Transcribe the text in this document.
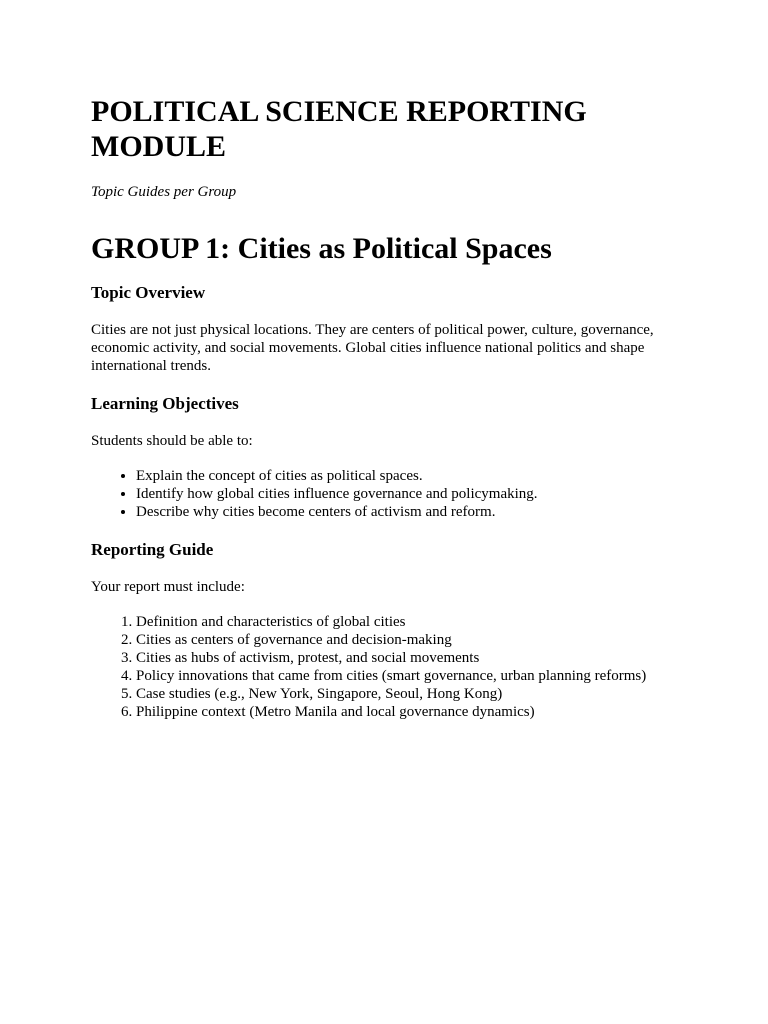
POLITICAL SCIENCE REPORTING MODULE

Topic Guides per Group

GROUP 1: Cities as Political Spaces
Topic Overview

Cities are not just physical locations. They are centers of political power, culture, governance, economic activity, and social movements. Global cities influence national politics and shape international trends.

Learning Objectives

Students should be able to:

• Explain the concept of cities as political spaces.
• Identify how global cities influence governance and policymaking.
• Describe why cities become centers of activism and reform.
Reporting Guide

Your report must include:

1. Definition and characteristics of global cities
2. Cities as centers of governance and decision-making
3. Cities as hubs of activism, protest, and social movements
4. Policy innovations that came from cities (smart governance, urban planning reforms)
5. Case studies (e.g., New York, Singapore, Seoul, Hong Kong)
6. Philippine context (Metro Manila and local governance dynamics)
